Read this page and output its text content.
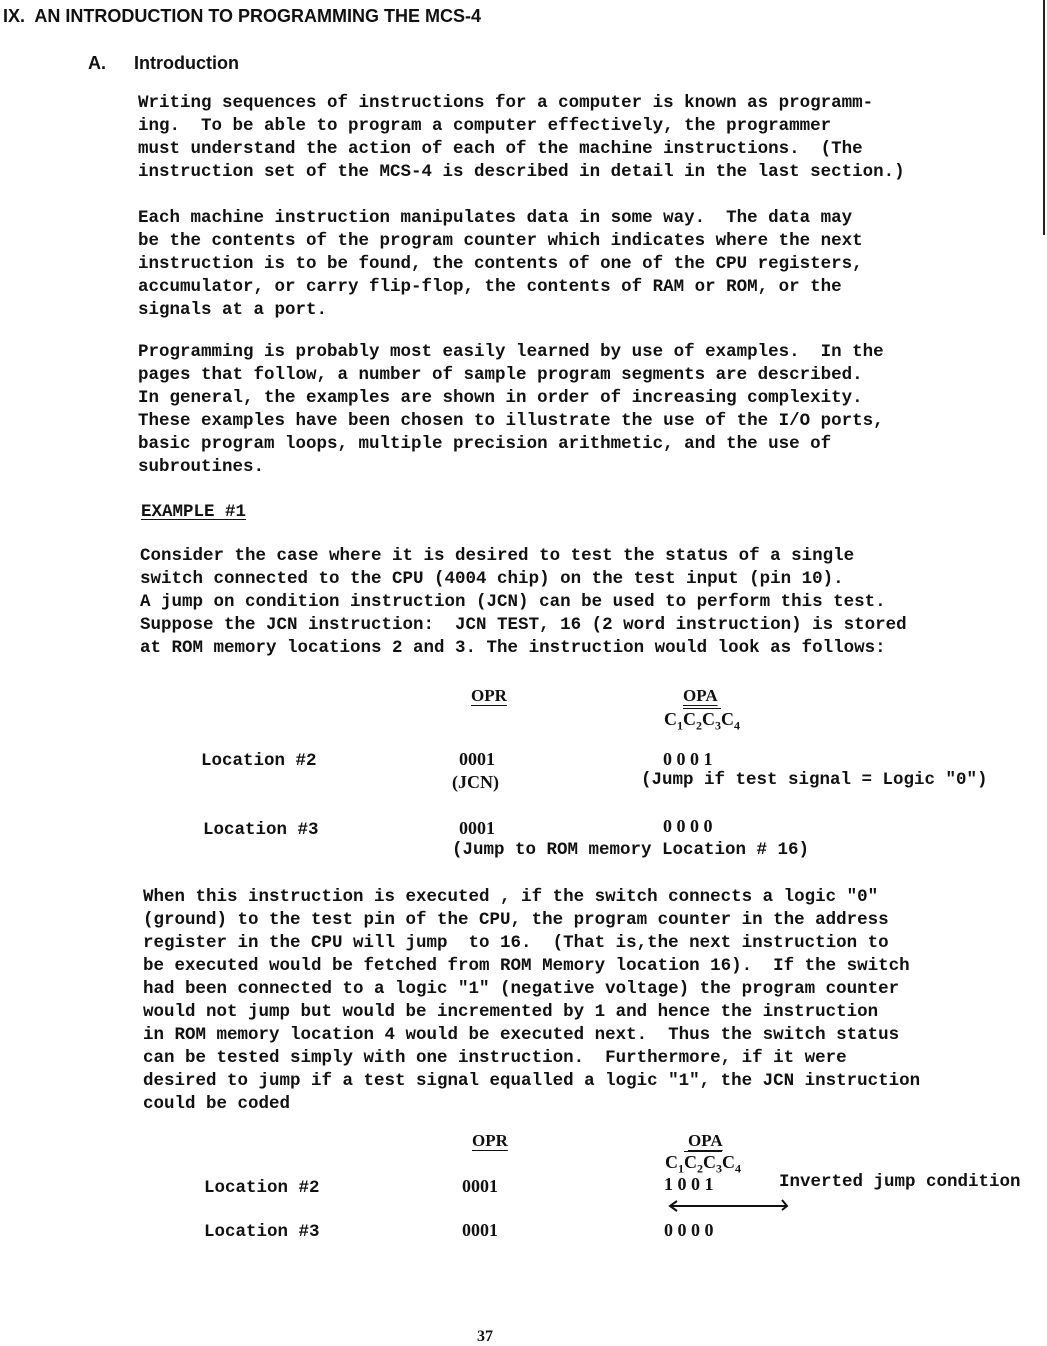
IX.  AN INTRODUCTION TO PROGRAMMING THE MCS-4
A. Introduction
Writing sequences of instructions for a computer is known as programm-
ing.  To be able to program a computer effectively, the programmer
must understand the action of each of the machine instructions.  (The
instruction set of the MCS-4 is described in detail in the last section.)
Each machine instruction manipulates data in some way.  The data may
be the contents of the program counter which indicates where the next
instruction is to be found, the contents of one of the CPU registers,
accumulator, or carry flip-flop, the contents of RAM or ROM, or the
signals at a port.
Programming is probably most easily learned by use of examples.  In the
pages that follow, a number of sample program segments are described.
In general, the examples are shown in order of increasing complexity.
These examples have been chosen to illustrate the use of the I/O ports,
basic program loops, multiple precision arithmetic, and the use of
subroutines.
EXAMPLE #1
Consider the case where it is desired to test the status of a single
switch connected to the CPU (4004 chip) on the test input (pin 10).
A jump on condition instruction (JCN) can be used to perform this test.
Suppose the JCN instruction:  JCN TEST, 16 (2 word instruction) is stored
at ROM memory locations 2 and 3. The instruction would look as follows:
OPR	OPA
$C_1C_2C_3C_4$
Location #2	0001	0 0 0 1
(JCN)	(Jump if test signal = Logic "0")
Location #3	0001	0 0 0 0
(Jump to ROM memory Location # 16)
When this instruction is executed , if the switch connects a logic "0"
(ground) to the test pin of the CPU, the program counter in the address
register in the CPU will jump  to 16.  (That is,the next instruction to
be executed would be fetched from ROM Memory location 16).  If the switch
had been connected to a logic "1" (negative voltage) the program counter
would not jump but would be incremented by 1 and hence the instruction
in ROM memory location 4 would be executed next.  Thus the switch status
can be tested simply with one instruction.  Furthermore, if it were
desired to jump if a test signal equalled a logic "1", the JCN instruction
could be coded
OPR	OPA
$C_1C_2C_3C_4$
Location #2	0001	1 0 0 1	Inverted jump condition
Location #3	0001	0 0 0 0
37
